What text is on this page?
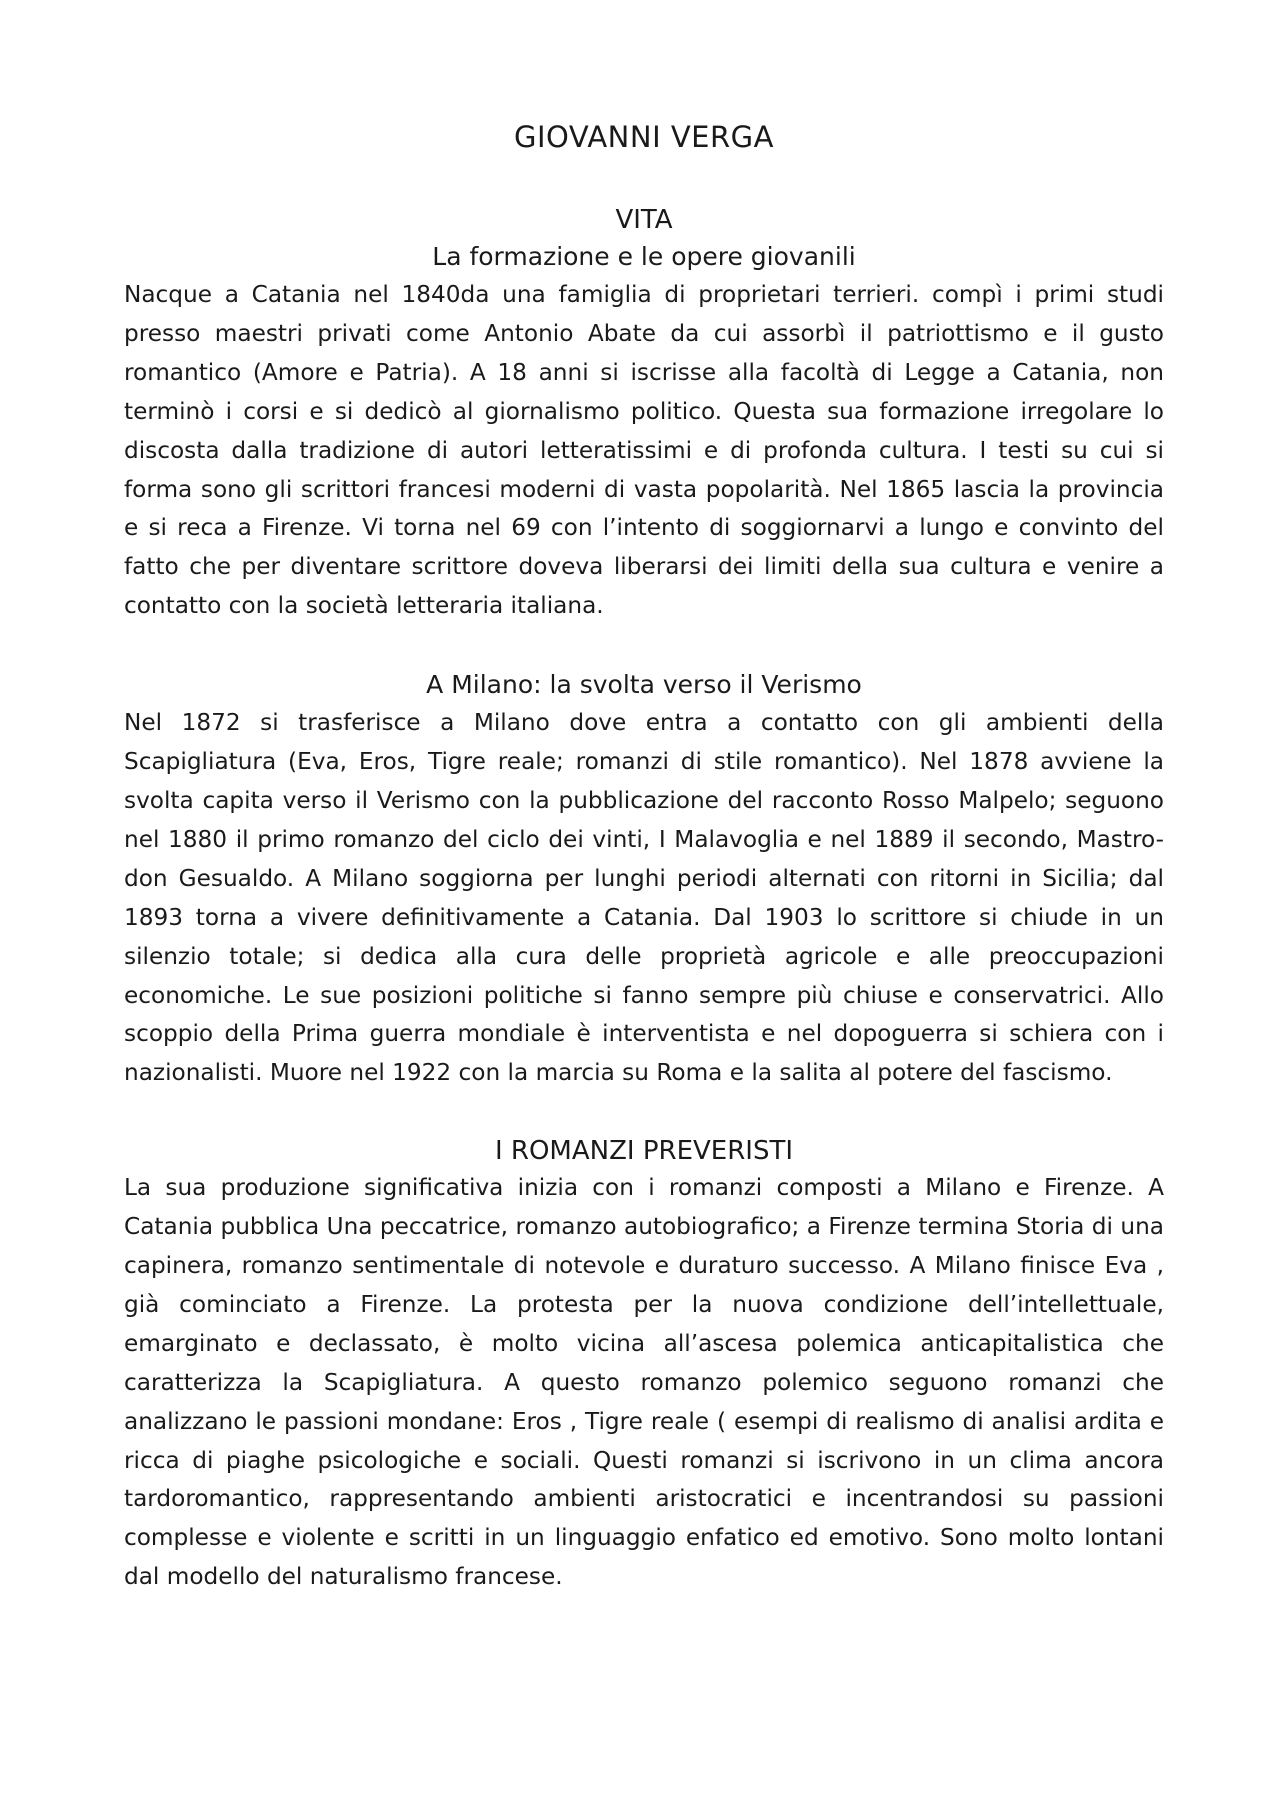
GIOVANNI VERGA
VITA
La formazione e le opere giovanili

Nacque a Catania nel 1840da una famiglia di proprietari terrieri. compì i primi studi presso maestri privati come Antonio Abate da cui assorbì il patriottismo e il gusto romantico (Amore e Patria). A 18 anni si iscrisse alla facoltà di Legge a Catania, non terminò i corsi e si dedicò al giornalismo politico. Questa sua formazione irregolare lo discosta dalla tradizione di autori letteratissimi e di profonda cultura. I testi su cui si forma sono gli scrittori francesi moderni di vasta popolarità. Nel 1865 lascia la provincia e si reca a Firenze. Vi torna nel 69 con l’intento di soggiornarvi a lungo e convinto del fatto che per diventare scrittore doveva liberarsi dei limiti della sua cultura e venire a contatto con la società letteraria italiana.

A Milano: la svolta verso il Verismo

Nel 1872 si trasferisce a Milano dove entra a contatto con gli ambienti della Scapigliatura (Eva, Eros, Tigre reale; romanzi di stile romantico). Nel 1878 avviene la svolta capita verso il Verismo con la pubblicazione del racconto Rosso Malpelo; seguono nel 1880 il primo romanzo del ciclo dei vinti, I Malavoglia e nel 1889 il secondo, Mastro-don Gesualdo. A Milano soggiorna per lunghi periodi alternati con ritorni in Sicilia; dal 1893 torna a vivere definitivamente a Catania. Dal 1903 lo scrittore si chiude in un silenzio totale; si dedica alla cura delle proprietà agricole e alle preoccupazioni economiche. Le sue posizioni politiche si fanno sempre più chiuse e conservatrici. Allo scoppio della Prima guerra mondiale è interventista e nel dopoguerra si schiera con i nazionalisti. Muore nel 1922 con la marcia su Roma e la salita al potere del fascismo.

I ROMANZI PREVERISTI

La sua produzione significativa inizia con i romanzi composti a Milano e Firenze. A Catania pubblica Una peccatrice, romanzo autobiografico; a Firenze termina Storia di una capinera, romanzo sentimentale di notevole e duraturo successo. A Milano finisce Eva , già cominciato a Firenze. La protesta per la nuova condizione dell’intellettuale, emarginato e declassato, è molto vicina all’ascesa polemica anticapitalistica che caratterizza la Scapigliatura. A questo romanzo polemico seguono romanzi che analizzano le passioni mondane: Eros , Tigre reale ( esempi di realismo di analisi ardita e ricca di piaghe psicologiche e sociali. Questi romanzi si iscrivono in un clima ancora tardoromantico, rappresentando ambienti aristocratici e incentrandosi su passioni complesse e violente e scritti in un linguaggio enfatico ed emotivo. Sono molto lontani dal modello del naturalismo francese.
